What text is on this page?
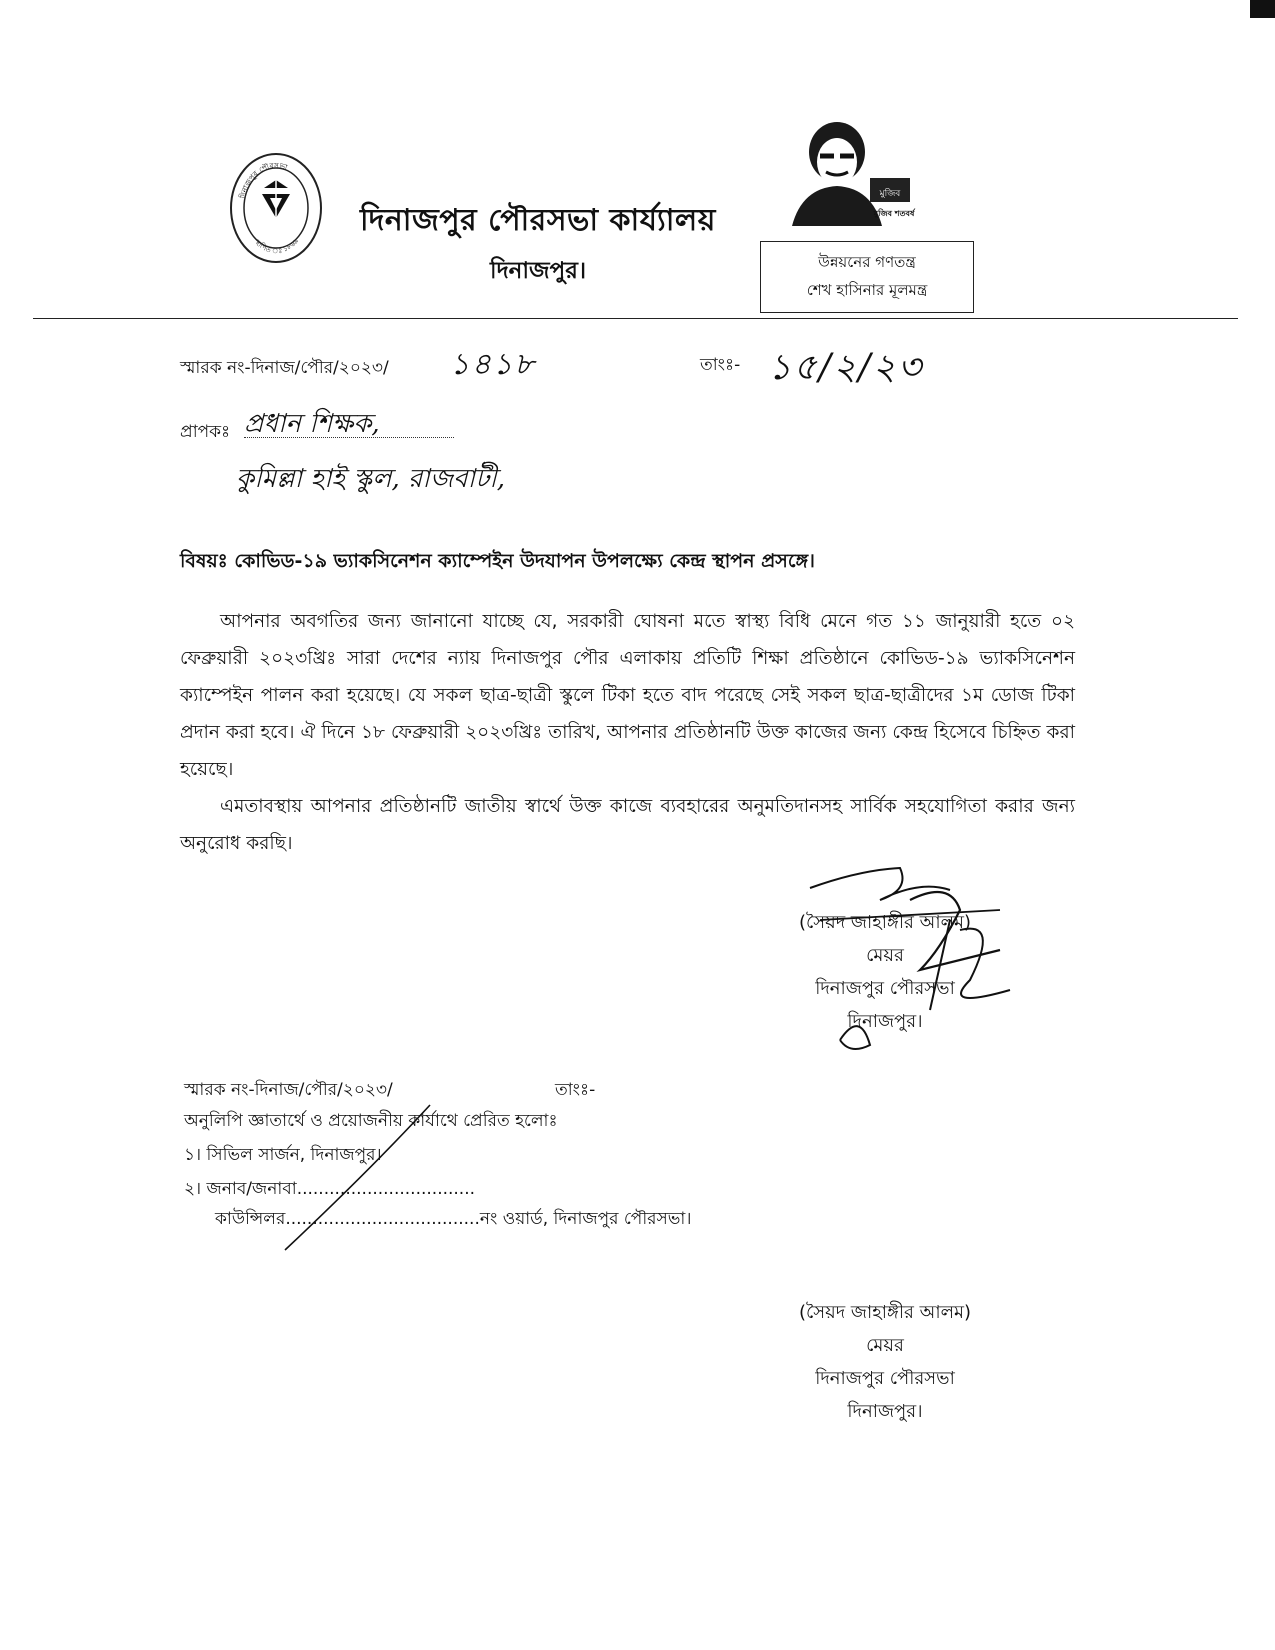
দিনাজপুর পৌরসভা
স্থাপিত ঃ ১৮৬৯
দিনাজপুর পৌরসভা কার্য্যালয়
দিনাজপুর।
মুজিব
মুজিব শতবর্ষ
উন্নয়নের গণতন্ত্র
শেখ হাসিনার মূলমন্ত্র
স্মারক নং-দিনাজ/পৌর/২০২৩/ ১৪১৮	তাংঃ- ১৫/২/২৩
প্রাপকঃ প্রধান শিক্ষক,
কুমিল্লা হাই স্কুল, রাজবাটী,
বিষয়ঃ কোভিড-১৯ ভ্যাকসিনেশন ক্যাম্পেইন উদযাপন উপলক্ষ্যে কেন্দ্র স্থাপন প্রসঙ্গে।

আপনার অবগতির জন্য জানানো যাচ্ছে যে, সরকারী ঘোষনা মতে স্বাস্থ্য বিধি মেনে গত ১১ জানুয়ারী হতে ০২ ফেব্রুয়ারী ২০২৩খ্রিঃ সারা দেশের ন্যায় দিনাজপুর পৌর এলাকায় প্রতিটি শিক্ষা প্রতিষ্ঠানে কোভিড-১৯ ভ্যাকসিনেশন ক্যাম্পেইন পালন করা হয়েছে। যে সকল ছাত্র-ছাত্রী স্কুলে টিকা হতে বাদ পরেছে সেই সকল ছাত্র-ছাত্রীদের ১ম ডোজ টিকা প্রদান করা হবে। ঐ দিনে ১৮ ফেব্রুয়ারী ২০২৩খ্রিঃ তারিখ, আপনার প্রতিষ্ঠানটি উক্ত কাজের জন্য কেন্দ্র হিসেবে চিহ্নিত করা হয়েছে।

এমতাবস্থায় আপনার প্রতিষ্ঠানটি জাতীয় স্বার্থে উক্ত কাজে ব্যবহারের অনুমতিদানসহ সার্বিক সহযোগিতা করার জন্য অনুরোধ করছি।

(সৈয়দ জাহাঙ্গীর আলম)
মেয়র
দিনাজপুর পৌরসভা
দিনাজপুর।
স্মারক নং-দিনাজ/পৌর/২০২৩/	তাংঃ-
অনুলিপি জ্ঞাতার্থে ও প্রয়োজনীয় কার্যাথে প্রেরিত হলোঃ
১। সিভিল সার্জন, দিনাজপুর।
২। জনাব/জনাবা.................................
কাউন্সিলর....................................নং ওয়ার্ড, দিনাজপুর পৌরসভা।
(সৈয়দ জাহাঙ্গীর আলম)
মেয়র
দিনাজপুর পৌরসভা
দিনাজপুর।
